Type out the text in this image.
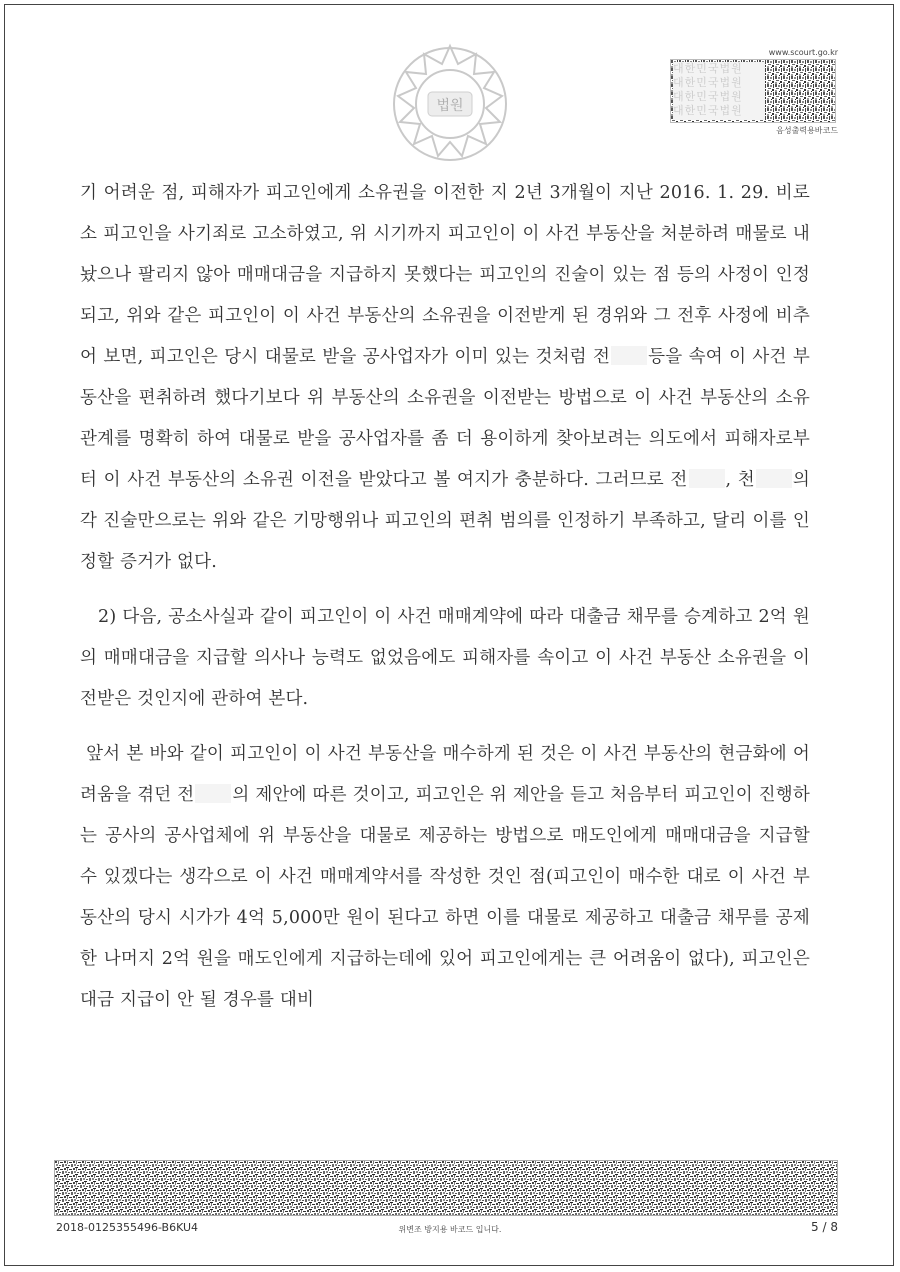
법원
www.scourt.go.kr
대한민국법원
대한민국법원
대한민국법원
대한민국법원
음성출력용바코드

기 어려운 점, 피해자가 피고인에게 소유권을 이전한 지 2년 3개월이 지난 2016. 1. 29. 비로소 피고인을 사기죄로 고소하였고, 위 시기까지 피고인이 이 사건 부동산을 처분하려 매물로 내놨으나 팔리지 않아 매매대금을 지급하지 못했다는 피고인의 진술이 있는 점 등의 사정이 인정되고, 위와 같은 피고인이 이 사건 부동산의 소유권을 이전받게 된 경위와 그 전후 사정에 비추어 보면, 피고인은 당시 대물로 받을 공사업자가 이미 있는 것처럼 전 등을 속여 이 사건 부동산을 편취하려 했다기보다 위 부동산의 소유권을 이전받는 방법으로 이 사건 부동산의 소유 관계를 명확히 하여 대물로 받을 공사업자를 좀 더 용이하게 찾아보려는 의도에서 피해자로부터 이 사건 부동산의 소유권 이전을 받았다고 볼 여지가 충분하다. 그러므로 전 , 천 의 각 진술만으로는 위와 같은 기망행위나 피고인의 편취 범의를 인정하기 부족하고, 달리 이를 인정할 증거가 없다.

2) 다음, 공소사실과 같이 피고인이 이 사건 매매계약에 따라 대출금 채무를 승계하고 2억 원의 매매대금을 지급할 의사나 능력도 없었음에도 피해자를 속이고 이 사건 부동산 소유권을 이전받은 것인지에 관하여 본다.

앞서 본 바와 같이 피고인이 이 사건 부동산을 매수하게 된 것은 이 사건 부동산의 현금화에 어려움을 겪던 전 의 제안에 따른 것이고, 피고인은 위 제안을 듣고 처음부터 피고인이 진행하는 공사의 공사업체에 위 부동산을 대물로 제공하는 방법으로 매도인에게 매매대금을 지급할 수 있겠다는 생각으로 이 사건 매매계약서를 작성한 것인 점(피고인이 매수한 대로 이 사건 부동산의 당시 시가가 4억 5,000만 원이 된다고 하면 이를 대물로 제공하고 대출금 채무를 공제한 나머지 2억 원을 매도인에게 지급하는데에 있어 피고인에게는 큰 어려움이 없다), 피고인은 대금 지급이 안 될 경우를 대비

2018-0125355496-B6KU4	위변조 방지용 바코드 입니다.	5 / 8
